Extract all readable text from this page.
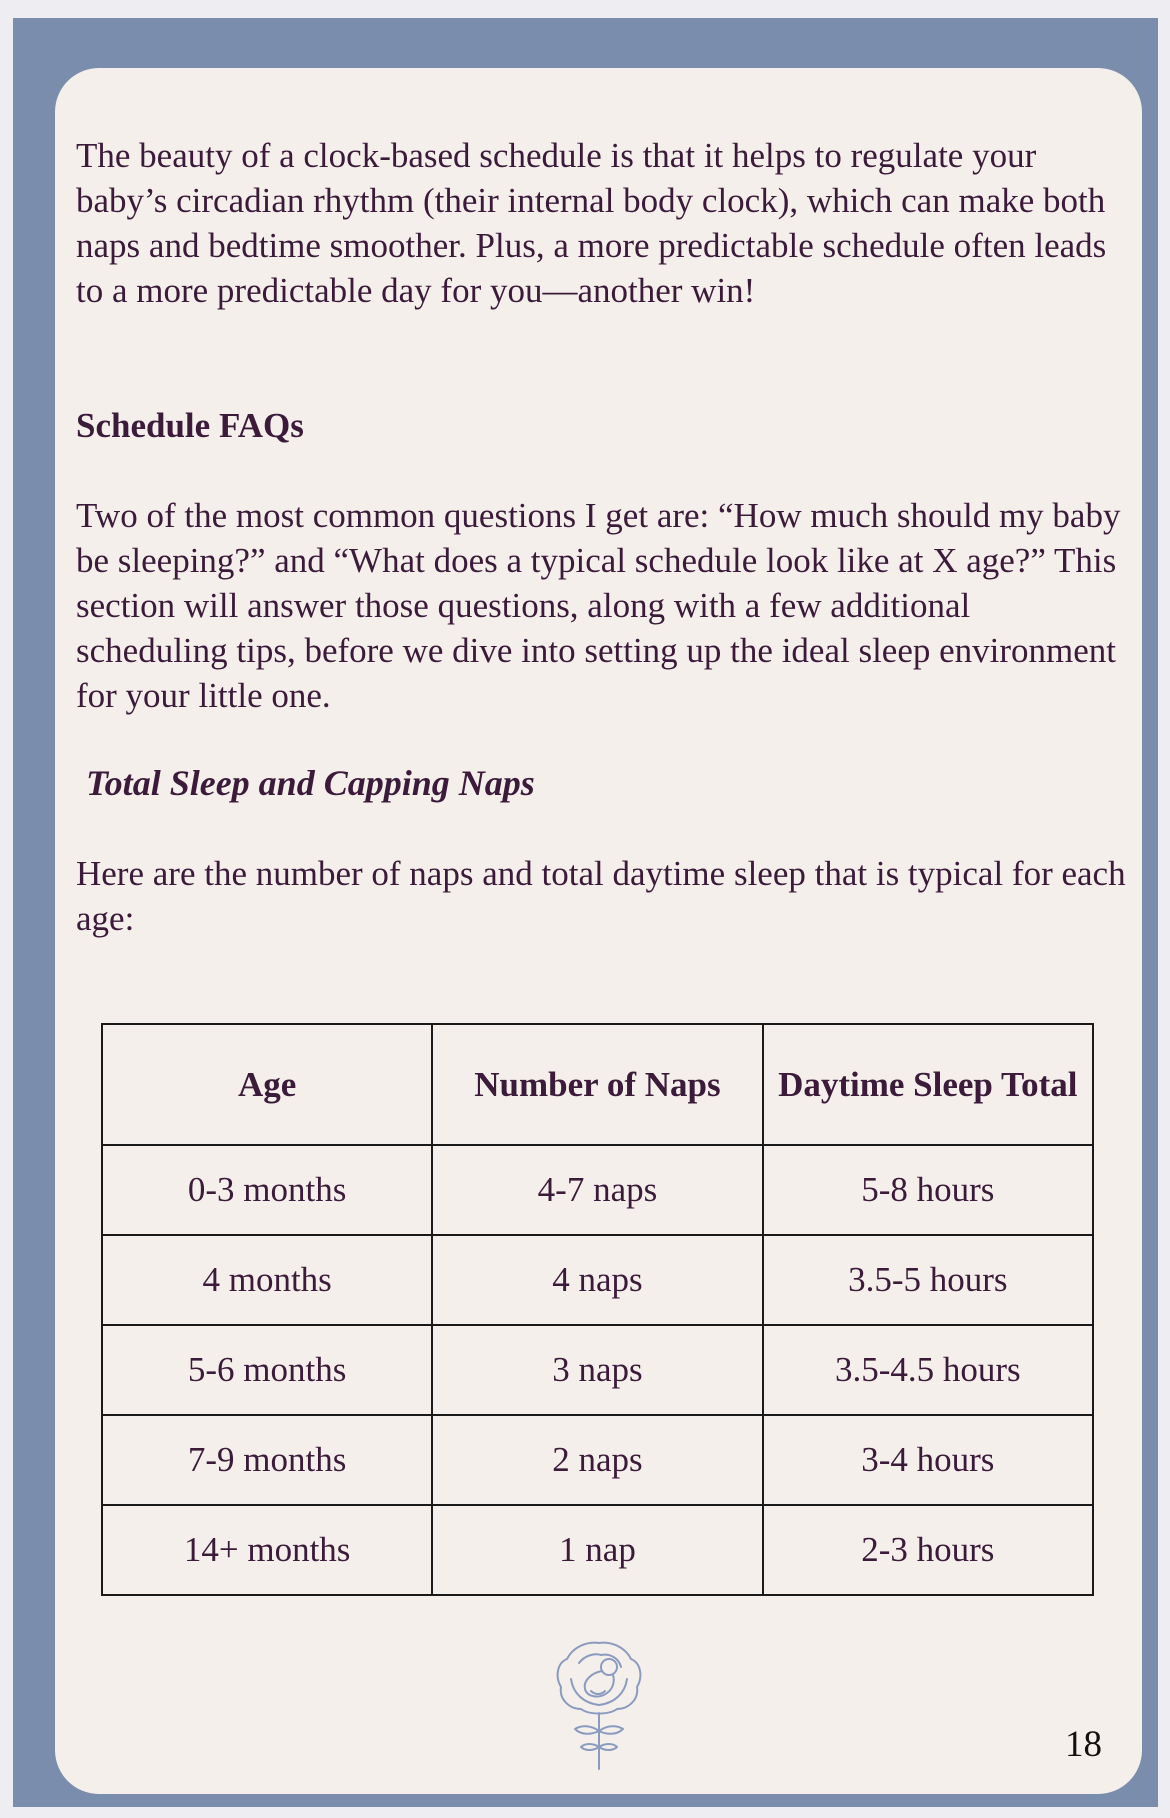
The beauty of a clock-based schedule is that it helps to regulate your baby’s circadian rhythm (their internal body clock), which can make both naps and bedtime smoother. Plus, a more predictable schedule often leads to a more predictable day for you—another win!
Schedule FAQs
Two of the most common questions I get are: “How much should my baby be sleeping?” and “What does a typical schedule look like at X age?” This section will answer those questions, along with a few additional scheduling tips, before we dive into setting up the ideal sleep environment for your little one.
Total Sleep and Capping Naps
Here are the number of naps and total daytime sleep that is typical for each age:
Age	Number of Naps	Daytime Sleep Total
0-3 months	4-7 naps	5-8 hours
4 months	4 naps	3.5-5 hours
5-6 months	3 naps	3.5-4.5 hours
7-9 months	2 naps	3-4 hours
14+ months	1 nap	2-3 hours
18
